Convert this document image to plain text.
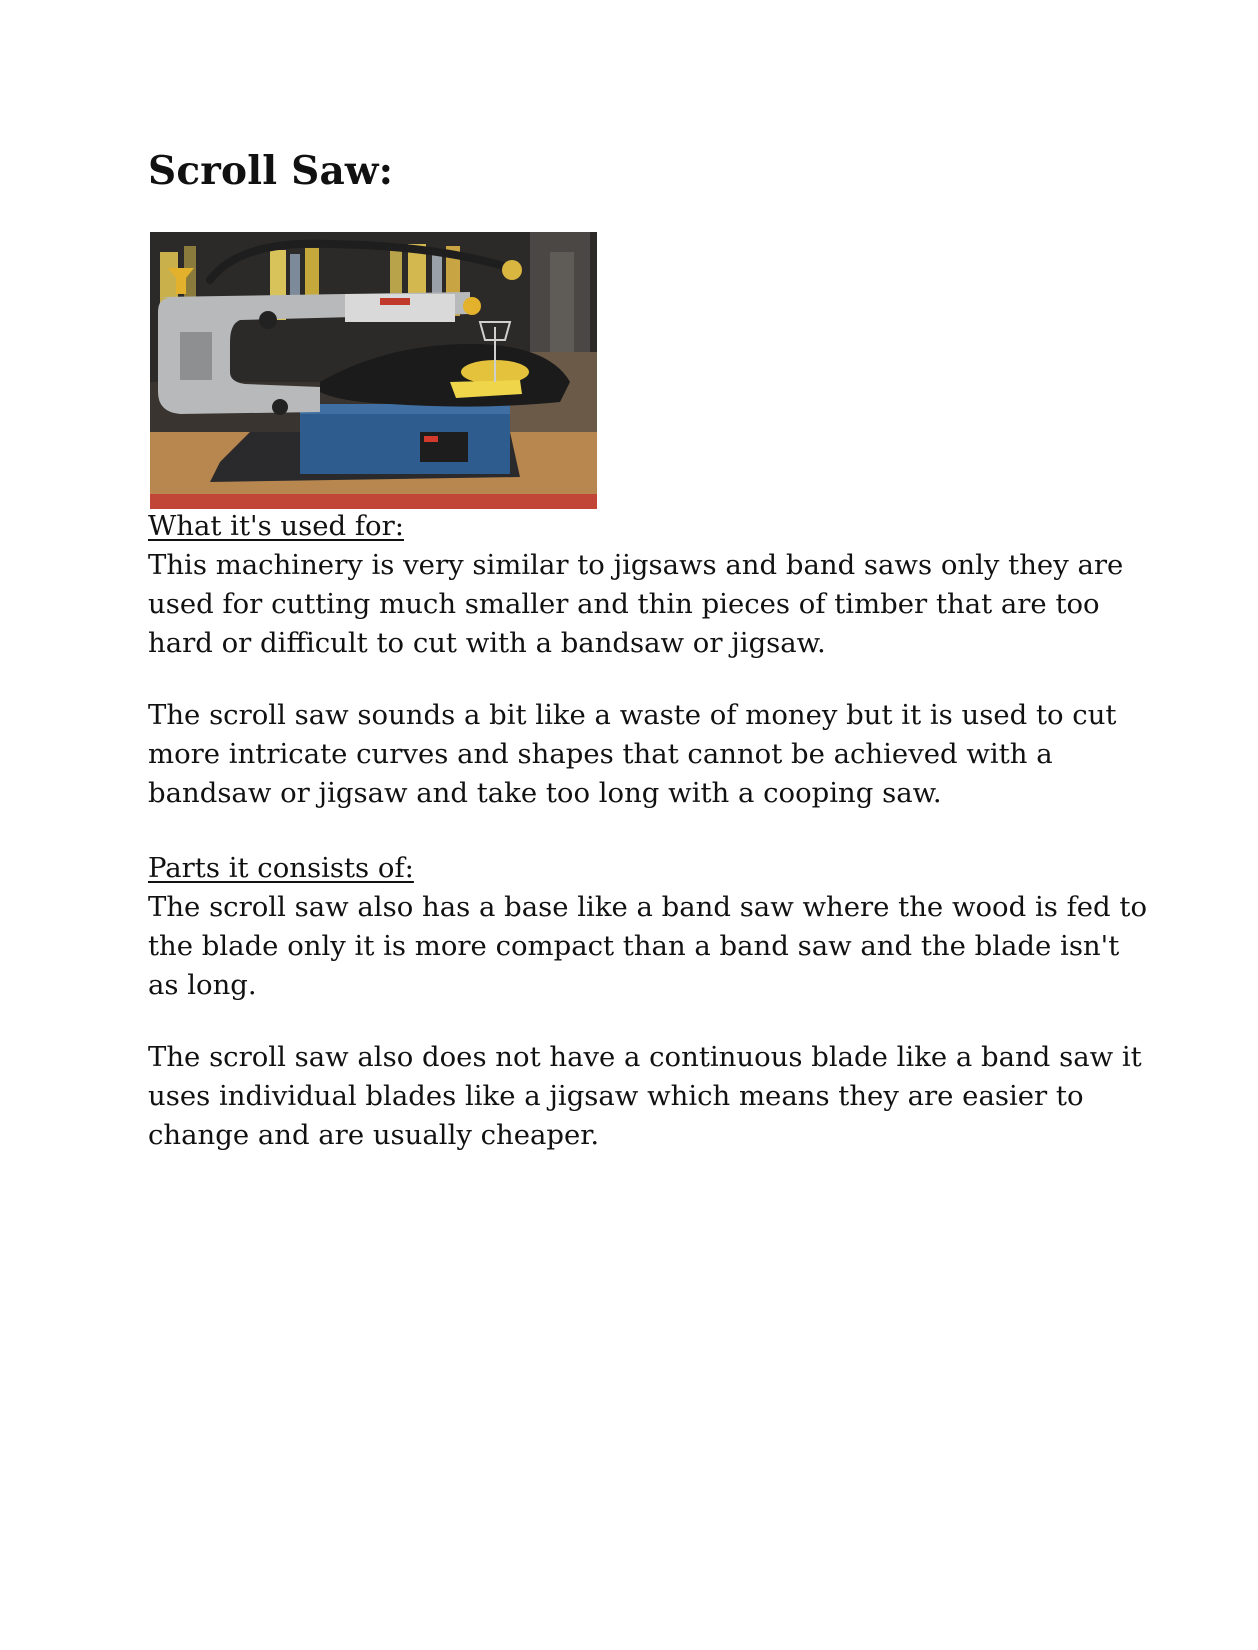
Scroll Saw:

What it's used for:

This machinery is very similar to jigsaws and band saws only they are used for cutting much smaller and thin pieces of timber that are too hard or difficult to cut with a bandsaw or jigsaw.

The scroll saw sounds a bit like a waste of money but it is used to cut more intricate curves and shapes that cannot be achieved with a bandsaw or jigsaw and take too long with a cooping saw.

Parts it consists of:

The scroll saw also has a base like a band saw where the wood is fed to the blade only it is more compact than a band saw and the blade isn't as long.

The scroll saw also does not have a continuous blade like a band saw it uses individual blades like a jigsaw which means they are easier to change and are usually cheaper.
